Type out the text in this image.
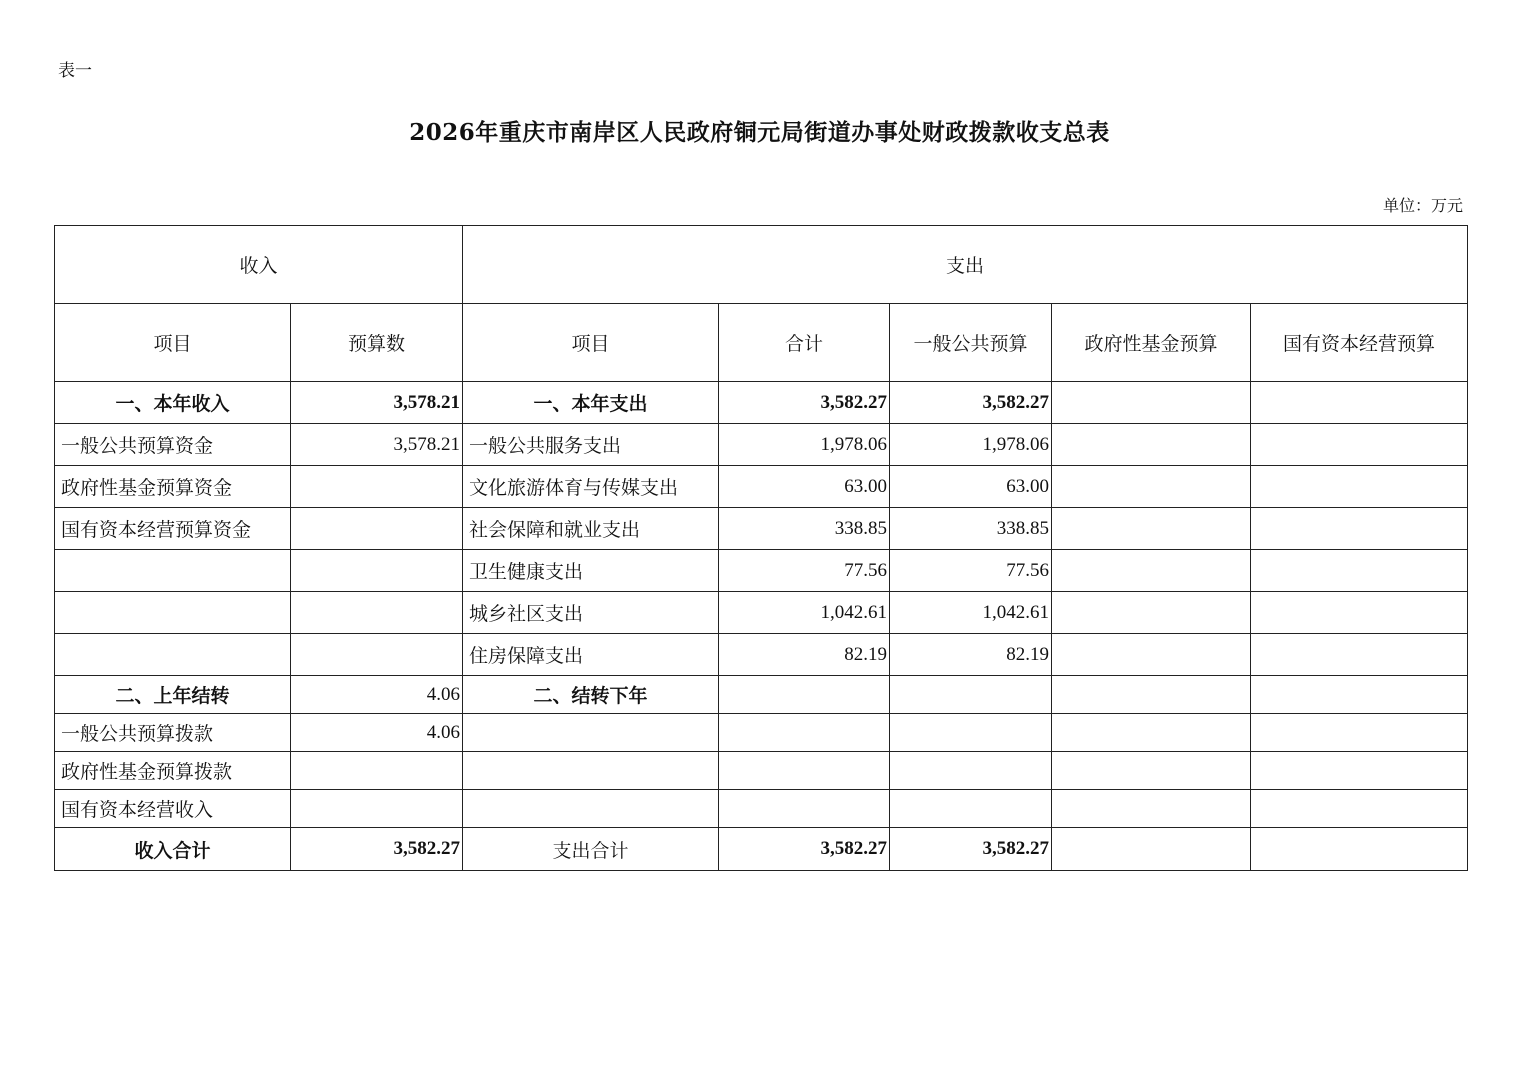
表一
2026年重庆市南岸区人民政府铜元局街道办事处财政拨款收支总表
单位：万元
收入		支出				
项目	预算数	项目	合计	一般公共预算	政府性基金预算	国有资本经营预算
一、本年收入	3,578.21	一、本年支出	3,582.27	3,582.27		
一般公共预算资金	3,578.21	一般公共服务支出	1,978.06	1,978.06		
政府性基金预算资金		文化旅游体育与传媒支出	63.00	63.00		
国有资本经营预算资金		社会保障和就业支出	338.85	338.85		
		卫生健康支出	77.56	77.56		
		城乡社区支出	1,042.61	1,042.61		
		住房保障支出	82.19	82.19		
二、上年结转	4.06	二、结转下年				
一般公共预算拨款	4.06					
政府性基金预算拨款						
国有资本经营收入						
收入合计	3,582.27	支出合计	3,582.27	3,582.27		
